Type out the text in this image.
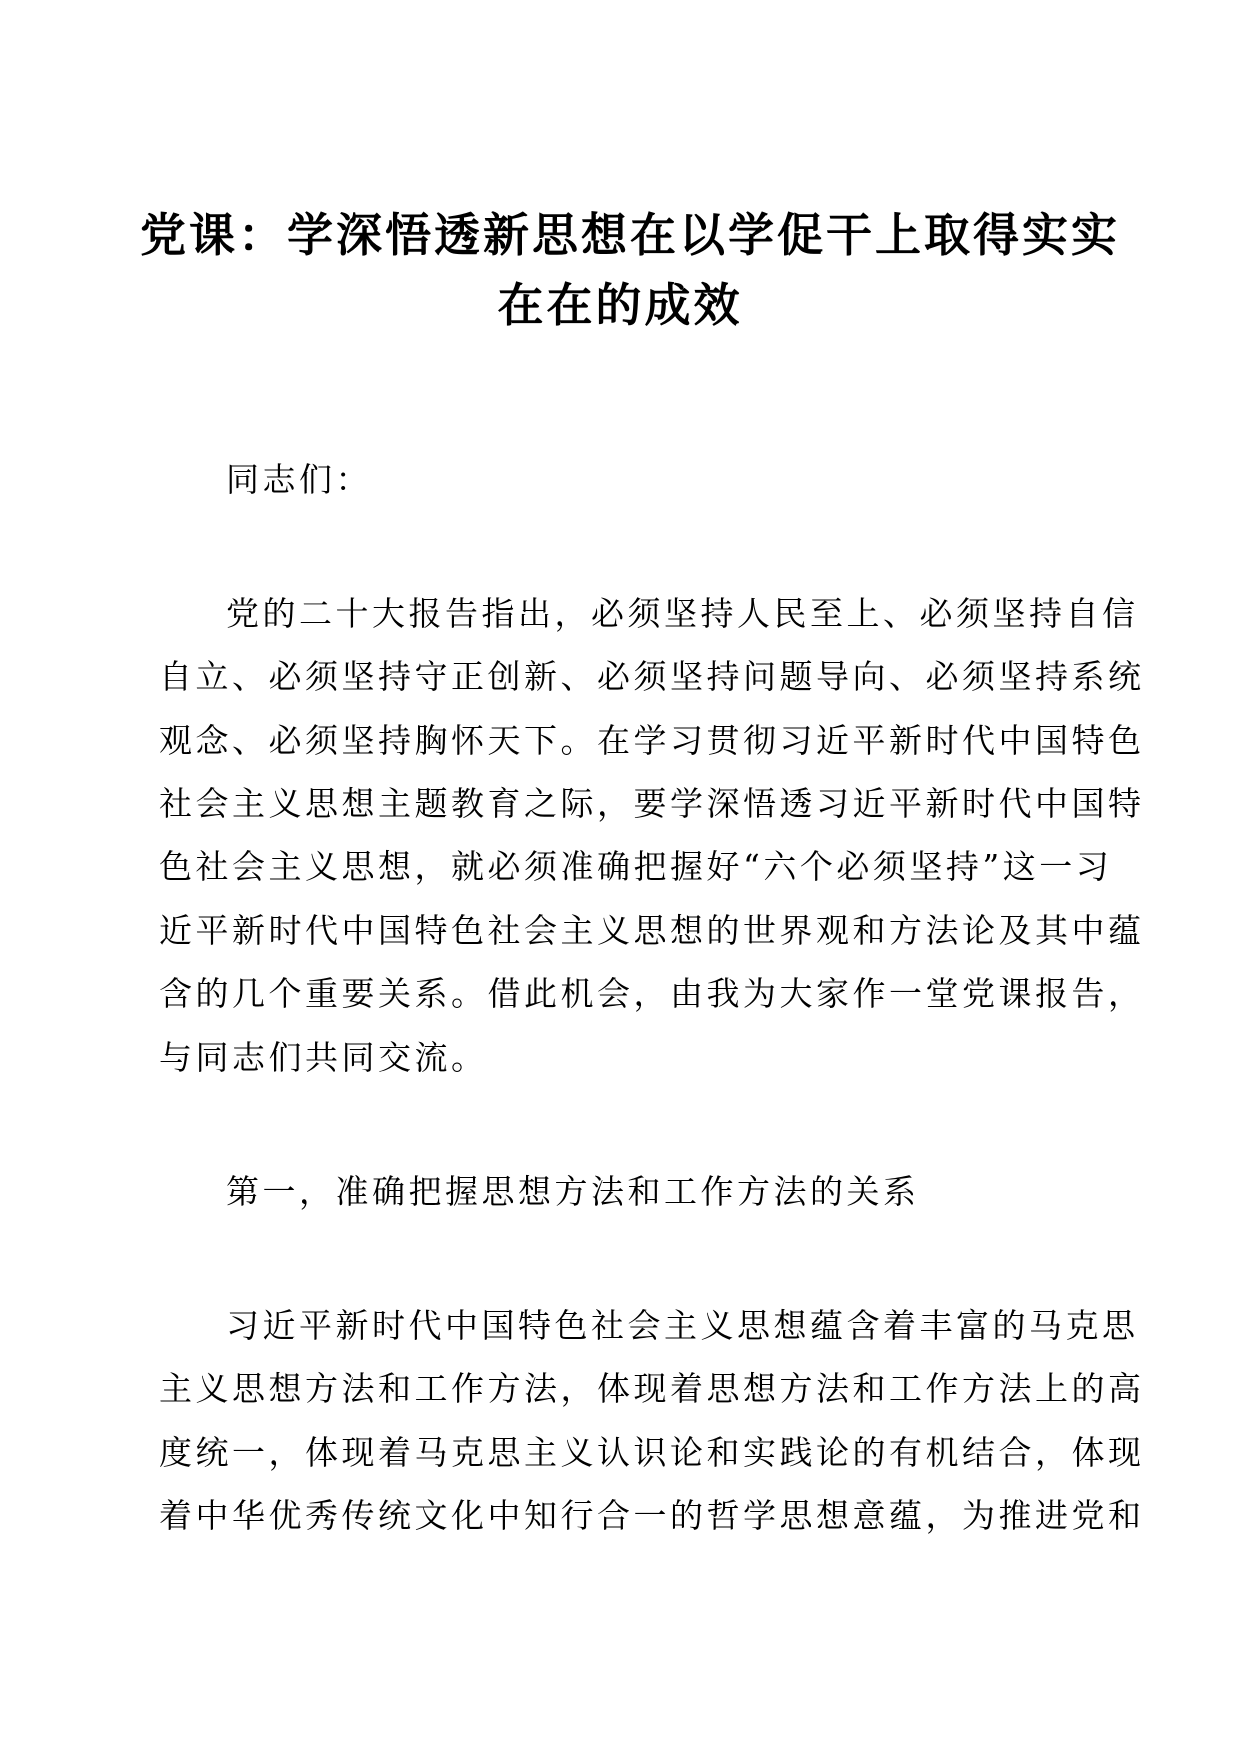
党课：学深悟透新思想在以学促干上取得实实
在在的成效
同志们：
党的二十大报告指出，必须坚持人民至上、必须坚持自信
自立、必须坚持守正创新、必须坚持问题导向、必须坚持系统
观念、必须坚持胸怀天下。在学习贯彻习近平新时代中国特色
社会主义思想主题教育之际，要学深悟透习近平新时代中国特
色社会主义思想，就必须准确把握好“六个必须坚持”这一习
近平新时代中国特色社会主义思想的世界观和方法论及其中蕴
含的几个重要关系。借此机会，由我为大家作一堂党课报告，
与同志们共同交流。
第一，准确把握思想方法和工作方法的关系
习近平新时代中国特色社会主义思想蕴含着丰富的马克思
主义思想方法和工作方法，体现着思想方法和工作方法上的高
度统一，体现着马克思主义认识论和实践论的有机结合，体现
着中华优秀传统文化中知行合一的哲学思想意蕴，为推进党和
